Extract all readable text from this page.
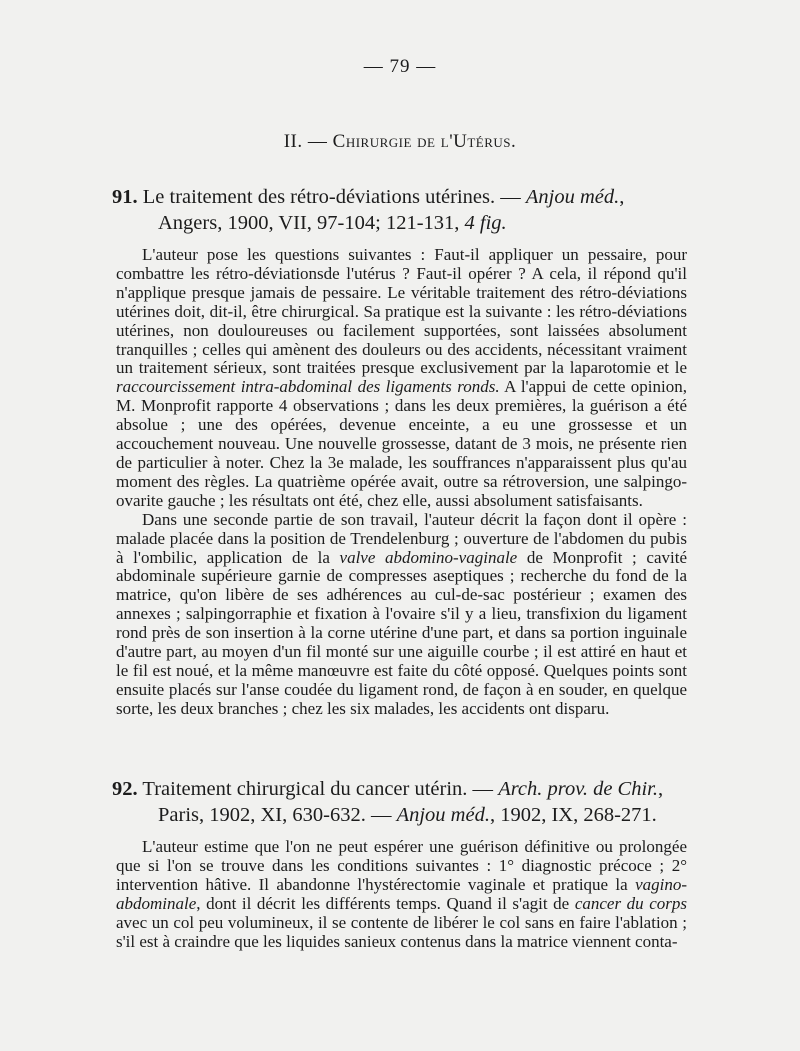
— 79 —
II. — Chirurgie de l'Utérus.
91. Le traitement des rétro-déviations utérines. — Anjou méd.,
Angers, 1900, VII, 97-104; 121-131, 4 fig.

L'auteur pose les questions suivantes : Faut-il appliquer un pessaire, pour combattre les rétro-déviationsde l'utérus ? Faut-il opérer ? A cela, il répond qu'il n'applique presque jamais de pessaire. Le véritable traitement des rétro-déviations utérines doit, dit-il, être chirurgical. Sa pratique est la suivante : les rétro-déviations utérines, non douloureuses ou facilement supportées, sont laissées absolument tranquilles ; celles qui amènent des douleurs ou des accidents, nécessitant vraiment un traitement sérieux, sont traitées presque exclusivement par la laparotomie et le raccourcissement intra-abdominal des ligaments ronds. A l'appui de cette opinion, M. Monprofit rapporte 4 observations ; dans les deux premières, la guérison a été absolue ; une des opérées, devenue enceinte, a eu une grossesse et un accouchement nouveau. Une nouvelle grossesse, datant de 3 mois, ne présente rien de particulier à noter. Chez la 3e malade, les souffrances n'apparaissent plus qu'au moment des règles. La quatrième opérée avait, outre sa rétroversion, une salpingo-ovarite gauche ; les résultats ont été, chez elle, aussi absolument satisfaisants.

Dans une seconde partie de son travail, l'auteur décrit la façon dont il opère : malade placée dans la position de Trendelenburg ; ouverture de l'abdomen du pubis à l'ombilic, application de la valve abdomino-vaginale de Monprofit ; cavité abdominale supérieure garnie de compresses aseptiques ; recherche du fond de la matrice, qu'on libère de ses adhérences au cul-de-sac postérieur ; examen des annexes ; salpingorraphie et fixation à l'ovaire s'il y a lieu, transfixion du ligament rond près de son insertion à la corne utérine d'une part, et dans sa portion inguinale d'autre part, au moyen d'un fil monté sur une aiguille courbe ; il est attiré en haut et le fil est noué, et la même manœuvre est faite du côté opposé. Quelques points sont ensuite placés sur l'anse coudée du ligament rond, de façon à en souder, en quelque sorte, les deux branches ; chez les six malades, les accidents ont disparu.

92. Traitement chirurgical du cancer utérin. — Arch. prov. de Chir.,
Paris, 1902, XI, 630-632. — Anjou méd., 1902, IX, 268-271.

L'auteur estime que l'on ne peut espérer une guérison définitive ou prolongée que si l'on se trouve dans les conditions suivantes : 1° diagnostic précoce ; 2° intervention hâtive. Il abandonne l'hystérectomie vaginale et pratique la vagino-abdominale, dont il décrit les différents temps. Quand il s'agit de cancer du corps avec un col peu volumineux, il se contente de libérer le col sans en faire l'ablation ; s'il est à craindre que les liquides sanieux contenus dans la matrice viennent conta-
